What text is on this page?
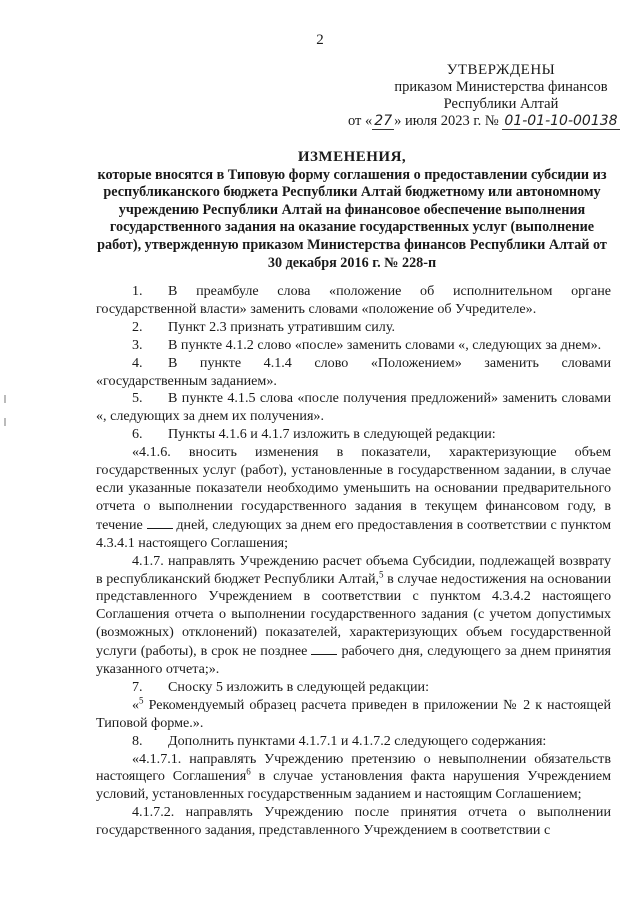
2
УТВЕРЖДЕНЫ
приказом Министерства финансов
Республики Алтай
от « 27 » июля 2023 г. № 01-01-10-00138
ИЗМЕНЕНИЯ,
которые вносятся в Типовую форму соглашения о предоставлении субсидии из республиканского бюджета Республики Алтай бюджетному или автономному учреждению Республики Алтай на финансовое обеспечение выполнения государственного задания на оказание государственных услуг (выполнение работ), утвержденную приказом Министерства финансов Республики Алтай от 30 декабря 2016 г. № 228-п

1. В преамбуле слова «положение об исполнительном органе государственной власти» заменить словами «положение об Учредителе».

2. Пункт 2.3 признать утратившим силу.

3. В пункте 4.1.2 слово «после» заменить словами «, следующих за днем».

4. В пункте 4.1.4 слово «Положением» заменить словами «государственным заданием».

5. В пункте 4.1.5 слова «после получения предложений» заменить словами «, следующих за днем их получения».

6. Пункты 4.1.6 и 4.1.7 изложить в следующей редакции:

«4.1.6. вносить изменения в показатели, характеризующие объем государственных услуг (работ), установленные в государственном задании, в случае если указанные показатели необходимо уменьшить на основании предварительного отчета о выполнении государственного задания в текущем финансовом году, в течение дней, следующих за днем его предоставления в соответствии с пунктом 4.3.4.1 настоящего Соглашения;

4.1.7. направлять Учреждению расчет объема Субсидии, подлежащей возврату в республиканский бюджет Республики Алтай,$^5$ в случае недостижения на основании представленного Учреждением в соответствии с пунктом 4.3.4.2 настоящего Соглашения отчета о выполнении государственного задания (с учетом допустимых (возможных) отклонений) показателей, характеризующих объем государственной услуги (работы), в срок не позднее рабочего дня, следующего за днем принятия указанного отчета;».

7. Сноску 5 изложить в следующей редакции:

«$^5$ Рекомендуемый образец расчета приведен в приложении № 2 к настоящей Типовой форме.».

8. Дополнить пунктами 4.1.7.1 и 4.1.7.2 следующего содержания:

«4.1.7.1. направлять Учреждению претензию о невыполнении обязательств настоящего Соглашения$^6$ в случае установления факта нарушения Учреждением условий, установленных государственным заданием и настоящим Соглашением;

4.1.7.2. направлять Учреждению после принятия отчета о выполнении государственного задания, представленного Учреждением в соответствии с
